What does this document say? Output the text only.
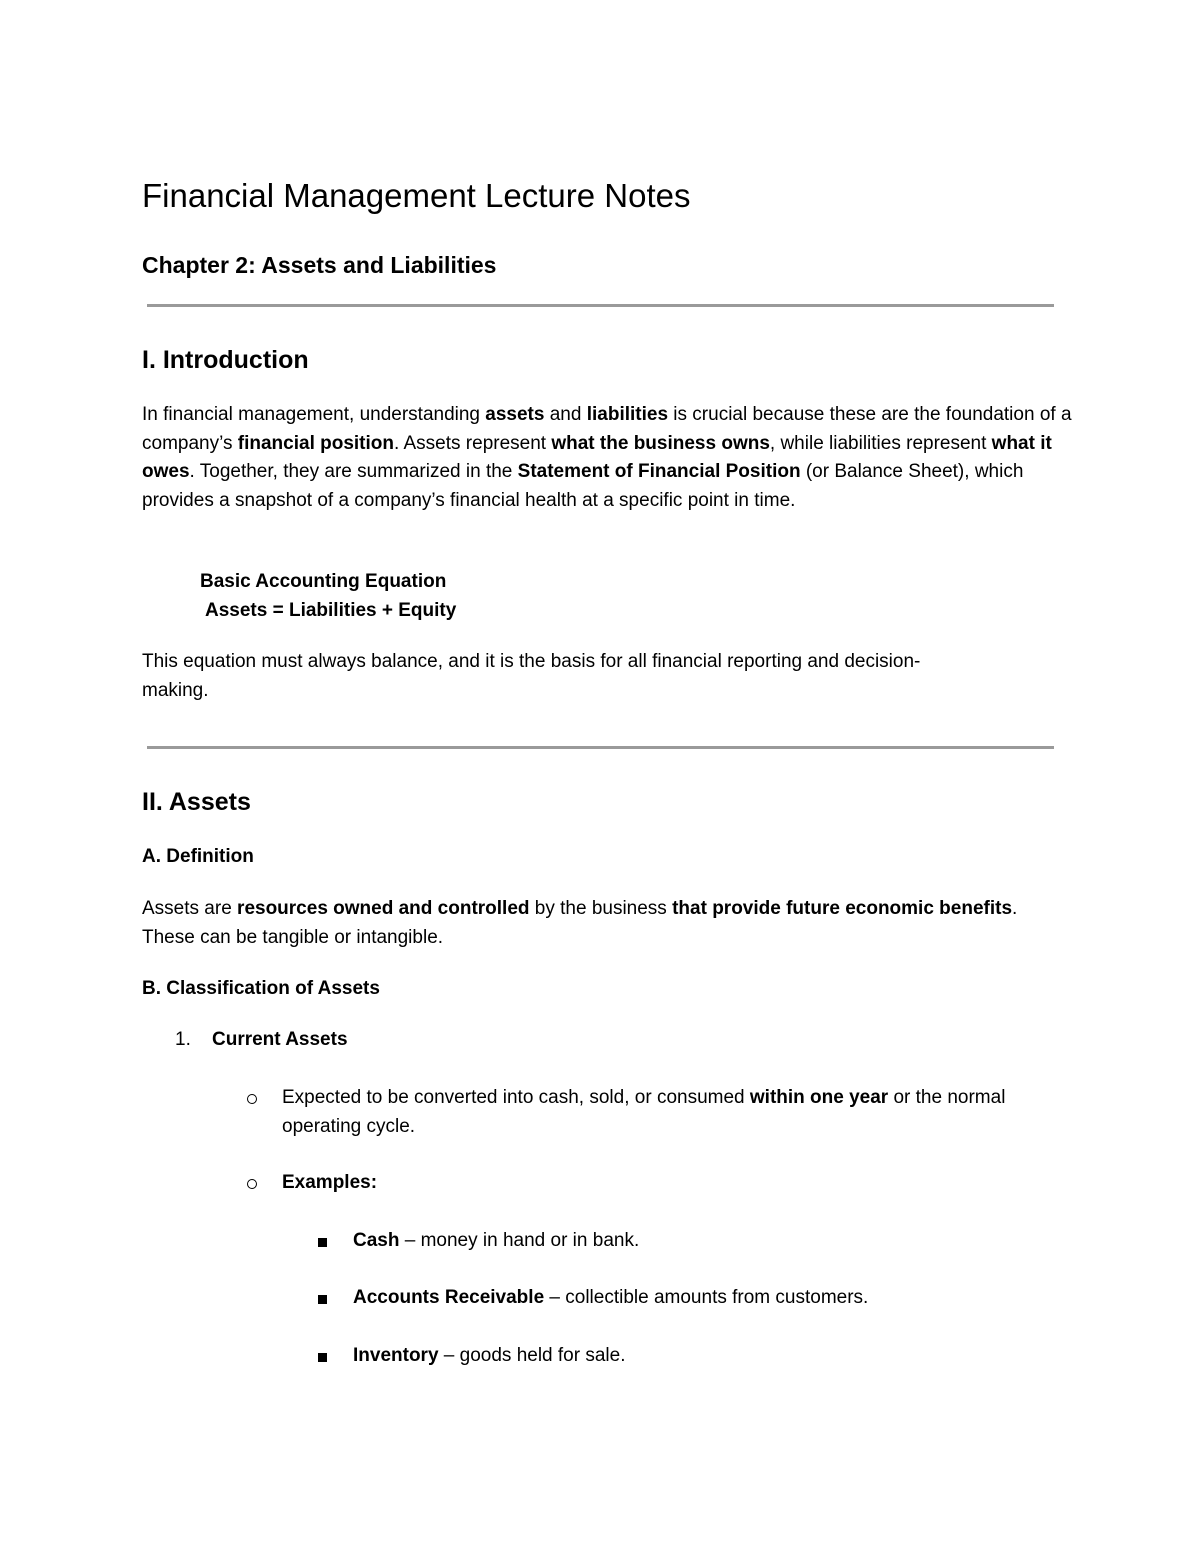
Financial Management Lecture Notes
Chapter 2: Assets and Liabilities
I. Introduction

In financial management, understanding assets and liabilities is crucial because these are the foundation of a company’s financial position. Assets represent what the business owns, while liabilities represent what it owes. Together, they are summarized in the Statement of Financial Position (or Balance Sheet), which provides a snapshot of a company’s financial health at a specific point in time.

Basic Accounting Equation
Assets = Liabilities + Equity

This equation must always balance, and it is the basis for all financial reporting and decision-making.

II. Assets
A. Definition

Assets are resources owned and controlled by the business that provide future economic benefits. These can be tangible or intangible.

B. Classification of Assets
1. Current Assets

Expected to be converted into cash, sold, or consumed within one year or the normal operating cycle.

Examples:
Cash – money in hand or in bank.
Accounts Receivable – collectible amounts from customers.
Inventory – goods held for sale.
